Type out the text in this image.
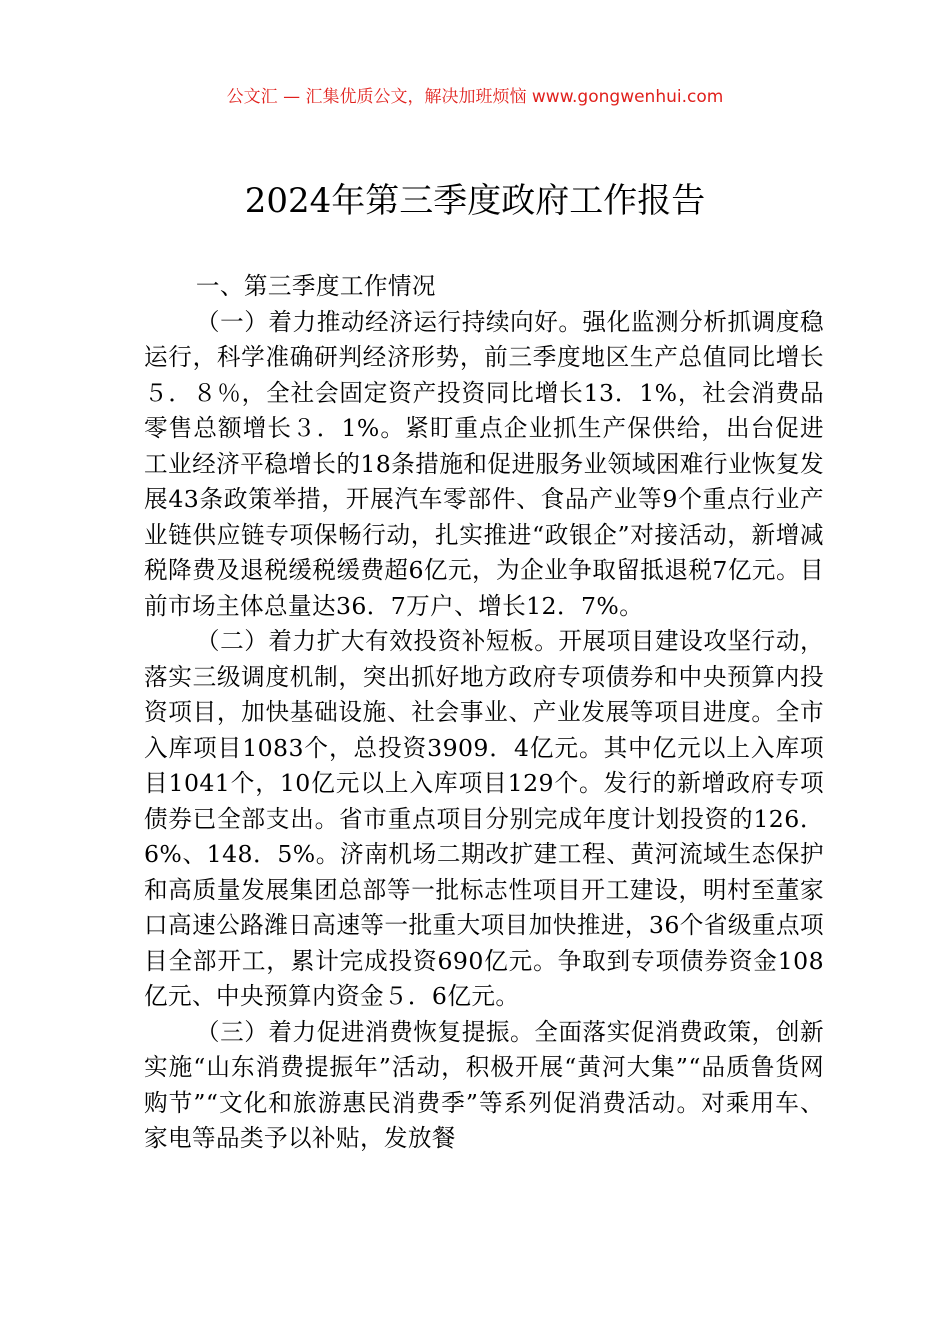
公文汇 — 汇集优质公文，解决加班烦恼 www.gongwenhui.com
2024年第三季度政府工作报告

一、第三季度工作情况

（一）着力推动经济运行持续向好。强化监测分析抓调度稳运行，科学准确研判经济形势，前三季度地区生产总值同比增长５．８％，全社会固定资产投资同比增长13．1%，社会消费品零售总额增长３．1%。紧盯重点企业抓生产保供给，出台促进工业经济平稳增长的18条措施和促进服务业领域困难行业恢复发展43条政策举措，开展汽车零部件、食品产业等9个重点行业产业链供应链专项保畅行动，扎实推进“政银企”对接活动，新增减税降费及退税缓税缓费超6亿元，为企业争取留抵退税7亿元。目前市场主体总量达36．7万户、增长12．7%。

（二）着力扩大有效投资补短板。开展项目建设攻坚行动，落实三级调度机制，突出抓好地方政府专项债券和中央预算内投资项目，加快基础设施、社会事业、产业发展等项目进度。全市入库项目1083个，总投资3909．4亿元。其中亿元以上入库项目1041个，10亿元以上入库项目129个。发行的新增政府专项债券已全部支出。省市重点项目分别完成年度计划投资的126．6%、148．5%。济南机场二期改扩建工程、黄河流域生态保护和高质量发展集团总部等一批标志性项目开工建设，明村至董家口高速公路潍日高速等一批重大项目加快推进，36个省级重点项目全部开工，累计完成投资690亿元。争取到专项债券资金108亿元、中央预算内资金５．6亿元。

（三）着力促进消费恢复提振。全面落实促消费政策，创新实施“山东消费提振年”活动，积极开展“黄河大集”“品质鲁货网购节”“文化和旅游惠民消费季”等系列促消费活动。对乘用车、家电等品类予以补贴，发放餐
